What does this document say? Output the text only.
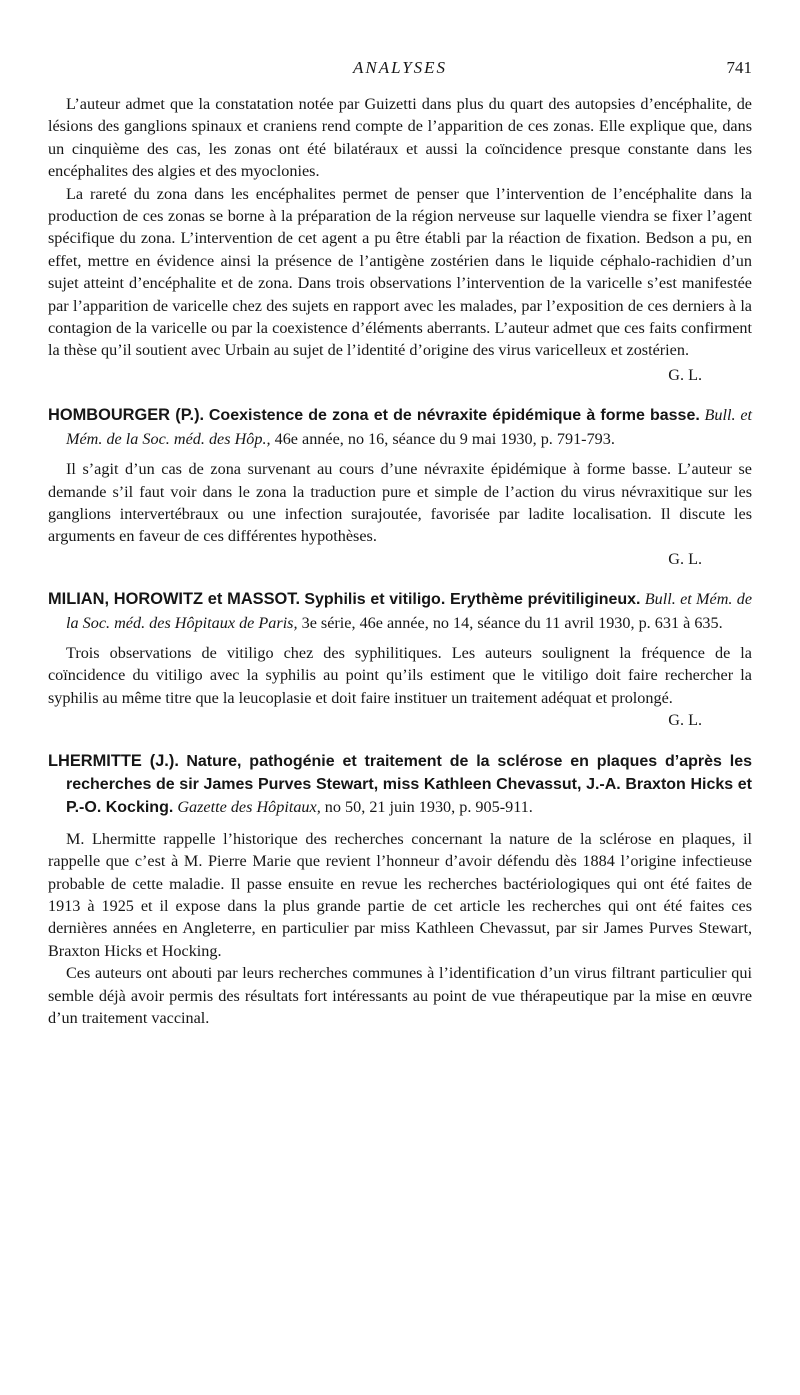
ANALYSES	741

L’auteur admet que la constatation notée par Guizetti dans plus du quart des autopsies d’encéphalite, de lésions des ganglions spinaux et craniens rend compte de l’apparition de ces zonas. Elle explique que, dans un cinquième des cas, les zonas ont été bilatéraux et aussi la coïncidence presque constante dans les encéphalites des algies et des myoclonies.

La rareté du zona dans les encéphalites permet de penser que l’intervention de l’encéphalite dans la production de ces zonas se borne à la préparation de la région nerveuse sur laquelle viendra se fixer l’agent spécifique du zona. L’intervention de cet agent a pu être établi par la réaction de fixation. Bedson a pu, en effet, mettre en évidence ainsi la présence de l’antigène zostérien dans le liquide céphalo-rachidien d’un sujet atteint d’encéphalite et de zona. Dans trois observations l’intervention de la varicelle s’est manifestée par l’apparition de varicelle chez des sujets en rapport avec les malades, par l’exposition de ces derniers à la contagion de la varicelle ou par la coexistence d’éléments aberrants. L’auteur admet que ces faits confirment la thèse qu’il soutient avec Urbain au sujet de l’identité d’origine des virus varicelleux et zostérien.

G. L.
HOMBOURGER (P.). Coexistence de zona et de névraxite épidémique à forme basse. Bull. et Mém. de la Soc. méd. des Hôp., 46e année, no 16, séance du 9 mai 1930, p. 791-793.

Il s’agit d’un cas de zona survenant au cours d’une névraxite épidémique à forme basse. L’auteur se demande s’il faut voir dans le zona la traduction pure et simple de l’action du virus névraxitique sur les ganglions intervertébraux ou une infection surajoutée, favorisée par ladite localisation. Il discute les arguments en faveur de ces différentes hypothèses.

G. L.
MILIAN, HOROWITZ et MASSOT. Syphilis et vitiligo. Erythème prévitiligineux. Bull. et Mém. de la Soc. méd. des Hôpitaux de Paris, 3e série, 46e année, no 14, séance du 11 avril 1930, p. 631 à 635.

Trois observations de vitiligo chez des syphilitiques. Les auteurs soulignent la fréquence de la coïncidence du vitiligo avec la syphilis au point qu’ils estiment que le vitiligo doit faire rechercher la syphilis au même titre que la leucoplasie et doit faire instituer un traitement adéquat et prolongé.

G. L.
LHERMITTE (J.). Nature, pathogénie et traitement de la sclérose en plaques d’après les recherches de sir James Purves Stewart, miss Kathleen Chevassut, J.-A. Braxton Hicks et P.-O. Kocking. Gazette des Hôpitaux, no 50, 21 juin 1930, p. 905-911.

M. Lhermitte rappelle l’historique des recherches concernant la nature de la sclérose en plaques, il rappelle que c’est à M. Pierre Marie que revient l’honneur d’avoir défendu dès 1884 l’origine infectieuse probable de cette maladie. Il passe ensuite en revue les recherches bactériologiques qui ont été faites de 1913 à 1925 et il expose dans la plus grande partie de cet article les recherches qui ont été faites ces dernières années en Angleterre, en particulier par miss Kathleen Chevassut, par sir James Purves Stewart, Braxton Hicks et Hocking.

Ces auteurs ont abouti par leurs recherches communes à l’identification d’un virus filtrant particulier qui semble déjà avoir permis des résultats fort intéressants au point de vue thérapeutique par la mise en œuvre d’un traitement vaccinal.
